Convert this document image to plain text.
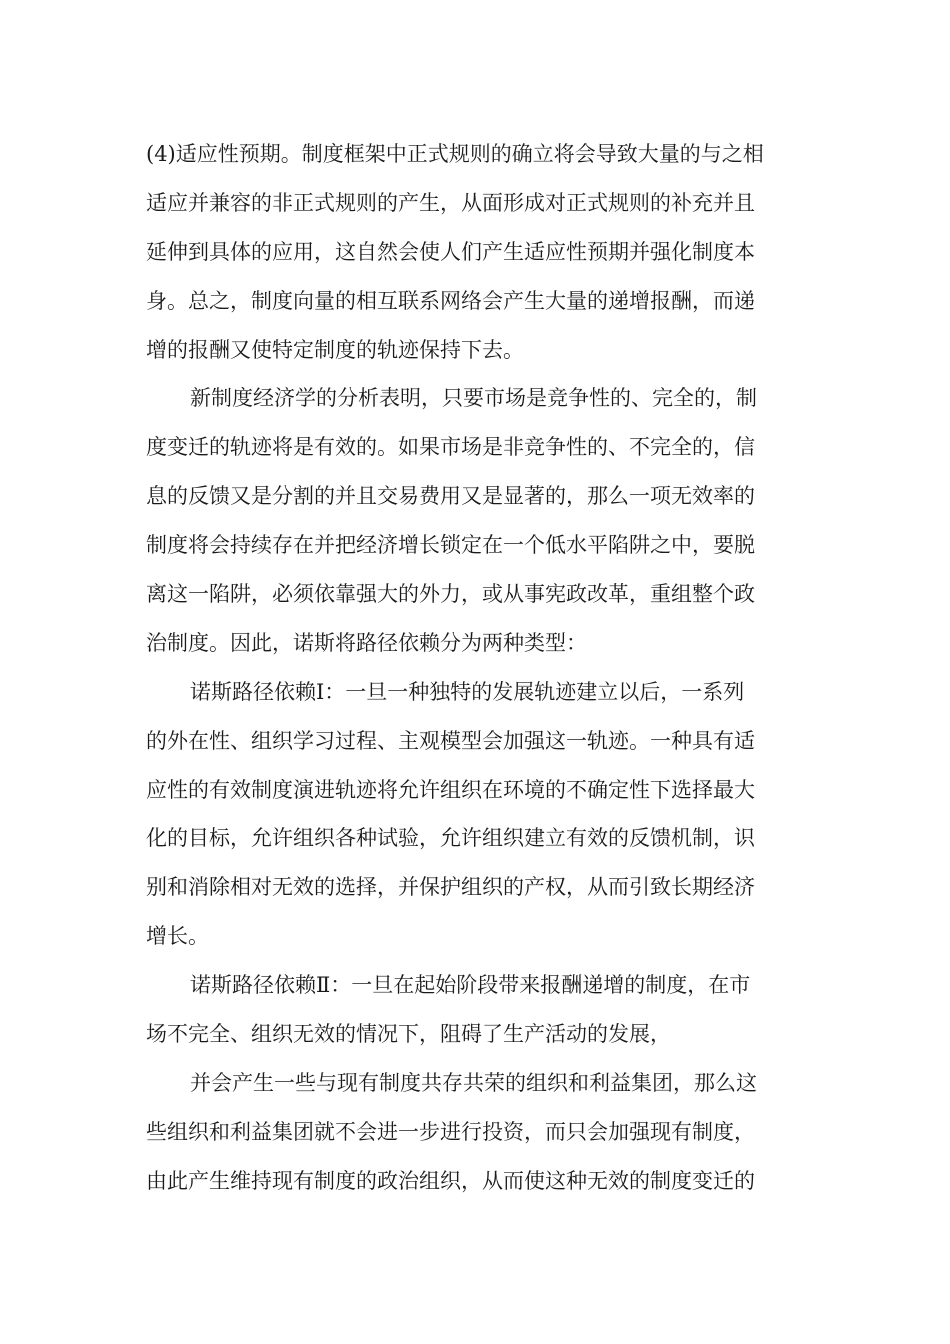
(4)适应性预期。制度框架中正式规则的确立将会导致大量的与之相
适应并兼容的非正式规则的产生，从面形成对正式规则的补充并且
延伸到具体的应用，这自然会使人们产生适应性预期并强化制度本
身。总之，制度向量的相互联系网络会产生大量的递增报酬，而递
增的报酬又使特定制度的轨迹保持下去。

新制度经济学的分析表明，只要市场是竞争性的、完全的，制
度变迁的轨迹将是有效的。如果市场是非竞争性的、不完全的，信
息的反馈又是分割的并且交易费用又是显著的，那么一项无效率的
制度将会持续存在并把经济增长锁定在一个低水平陷阱之中，要脱
离这一陷阱，必须依靠强大的外力，或从事宪政改革，重组整个政
治制度。因此，诺斯将路径依赖分为两种类型：

诺斯路径依赖Ⅰ：一旦一种独特的发展轨迹建立以后，一系列
的外在性、组织学习过程、主观模型会加强这一轨迹。一种具有适
应性的有效制度演进轨迹将允许组织在环境的不确定性下选择最大
化的目标，允许组织各种试验，允许组织建立有效的反馈机制，识
别和消除相对无效的选择，并保护组织的产权，从而引致长期经济
增长。

诺斯路径依赖Ⅱ：一旦在起始阶段带来报酬递增的制度，在市
场不完全、组织无效的情况下，阻碍了生产活动的发展，

并会产生一些与现有制度共存共荣的组织和利益集团，那么这
些组织和利益集团就不会进一步进行投资，而只会加强现有制度，
由此产生维持现有制度的政治组织，从而使这种无效的制度变迁的
